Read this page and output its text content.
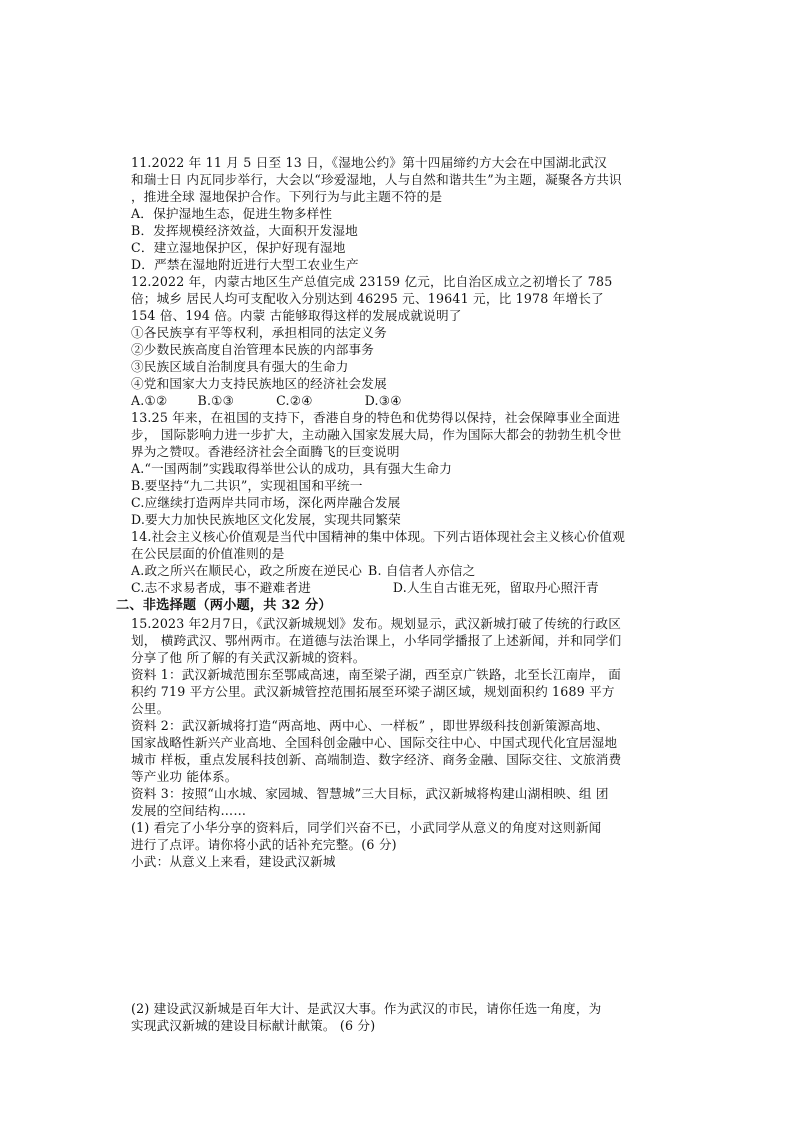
11.2022 年 11 月 5 日至 13 日，《湿地公约》第十四届缔约方大会在中国湖北武汉
和瑞士日 内瓦同步举行，大会以“珍爱湿地，人与自然和谐共生”为主题，凝聚各方共识
，推进全球 湿地保护合作。下列行为与此主题不符的是
A．保护湿地生态，促进生物多样性
B．发挥规模经济效益，大面积开发湿地
C．建立湿地保护区，保护好现有湿地
D．严禁在湿地附近进行大型工农业生产
12.2022 年，内蒙古地区生产总值完成 23159 亿元，比自治区成立之初增长了 785
倍；城乡 居民人均可支配收入分别达到 46295 元、19641 元，比 1978 年增长了
154 倍、194 倍。内蒙 古能够取得这样的发展成就说明了
①各民族享有平等权利，承担相同的法定义务
②少数民族高度自治管理本民族的内部事务
③民族区域自治制度具有强大的生命力
④党和国家大力支持民族地区的经济社会发展
A.①② B.①③	C.②④	D.③④
13.25 年来，在祖国的支持下，香港自身的特色和优势得以保持，社会保障事业全面进
步， 国际影响力进一步扩大，主动融入国家发展大局，作为国际大都会的勃勃生机令世
界为之赞叹。香港经济社会全面腾飞的巨变说明
A.“一国两制”实践取得举世公认的成功，具有强大生命力
B.要坚持“九二共识”，实现祖国和平统一
C.应继续打造两岸共同市场，深化两岸融合发展
D.要大力加快民族地区文化发展，实现共同繁荣
14.社会主义核心价值观是当代中国精神的集中体现。下列古语体现社会主义核心价值观
在公民层面的价值准则的是
A.政之所兴在顺民心，政之所废在逆民心 B. 自信者人亦信之
C.志不求易者成，事不避难者进	D.人生自古谁无死，留取丹心照汗青
二、非选择题（两小题，共 32 分）
15.2023 年2月7日，《武汉新城规划》发布。规划显示，武汉新城打破了传统的行政区
划， 横跨武汉、鄂州两市。在道德与法治课上，小华同学播报了上述新闻，并和同学们
分享了他 所了解的有关武汉新城的资料。
资料 1：武汉新城范围东至鄂咸高速，南至梁子湖，西至京广铁路，北至长江南岸， 面
积约 719 平方公里。武汉新城管控范围拓展至环梁子湖区域，规划面积约 1689 平方
公里。
资料 2：武汉新城将打造“两高地、两中心、一样板” ，即世界级科技创新策源高地、
国家战略性新兴产业高地、全国科创金融中心、国际交往中心、中国式现代化宜居湿地
城市 样板，重点发展科技创新、高端制造、数字经济、商务金融、国际交往、文旅消费
等产业功 能体系。
资料 3：按照“山水城、家园城、智慧城”三大目标，武汉新城将构建山湖相映、组 团
发展的空间结构……
(1) 看完了小华分享的资料后，同学们兴奋不已，小武同学从意义的角度对这则新闻
进行了点评。请你将小武的话补充完整。(6 分)
小武：从意义上来看，建设武汉新城
(2) 建设武汉新城是百年大计、是武汉大事。作为武汉的市民，请你任选一角度，为
实现武汉新城的建设目标献计献策。 (6 分)
